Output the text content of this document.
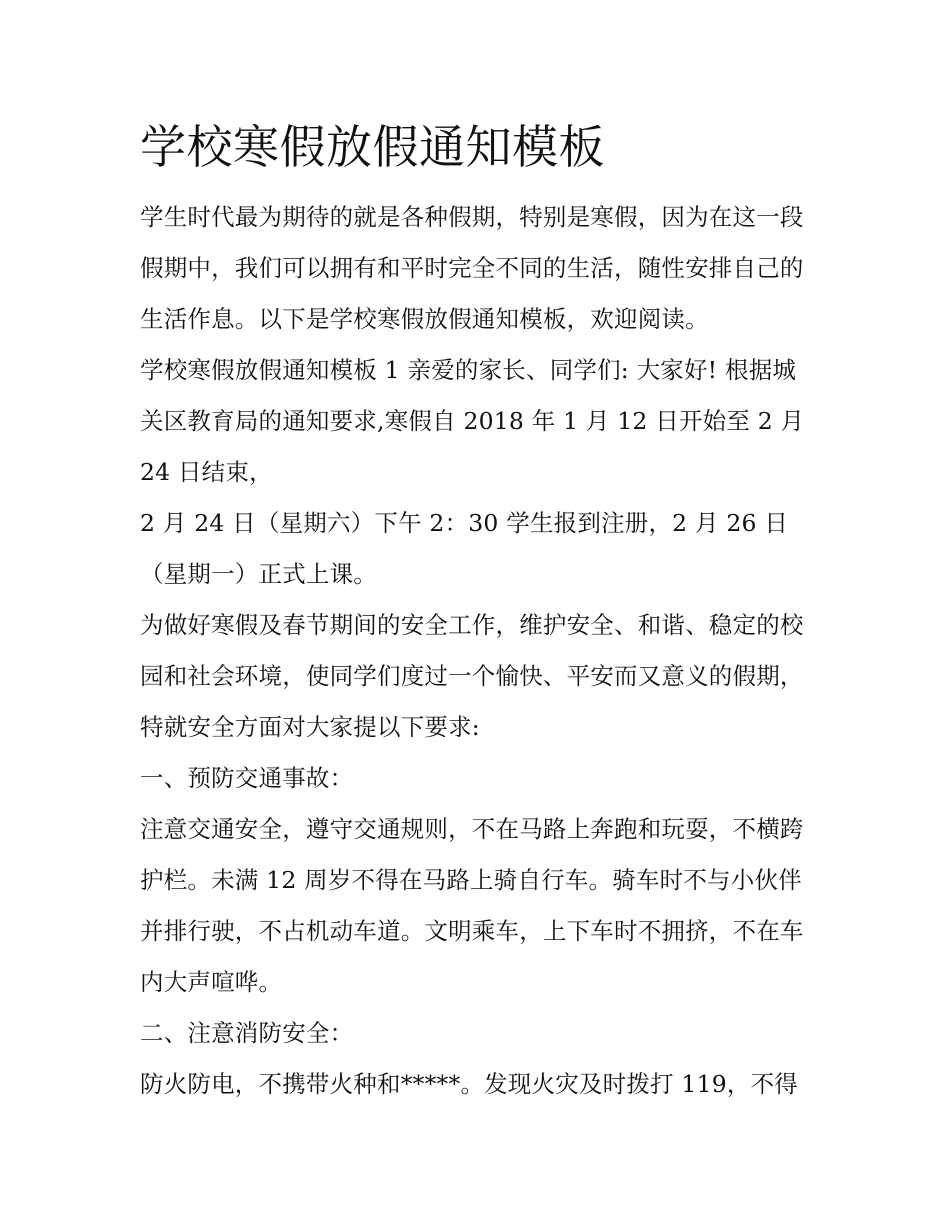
学校寒假放假通知模板

学生时代最为期待的就是各种假期，特别是寒假，因为在这一段假期中，我们可以拥有和平时完全不同的生活，随性安排自己的生活作息。以下是学校寒假放假通知模板，欢迎阅读。

学校寒假放假通知模板 1 亲爱的家长、同学们: 大家好! 根据城关区教育局的通知要求,寒假自 2018 年 1 月 12 日开始至 2 月 24 日结束，

2 月 24 日（星期六）下午 2：30 学生报到注册，2 月 26 日（星期一）正式上课。

为做好寒假及春节期间的安全工作，维护安全、和谐、稳定的校园和社会环境，使同学们度过一个愉快、平安而又意义的假期，特就安全方面对大家提以下要求:

一、预防交通事故：

注意交通安全，遵守交通规则，不在马路上奔跑和玩耍，不横跨护栏。未满 12 周岁不得在马路上骑自行车。骑车时不与小伙伴并排行驶，不占机动车道。文明乘车，上下车时不拥挤，不在车内大声喧哗。

二、注意消防安全：

防火防电，不携带火种和*****。发现火灾及时拨打 119，不得
